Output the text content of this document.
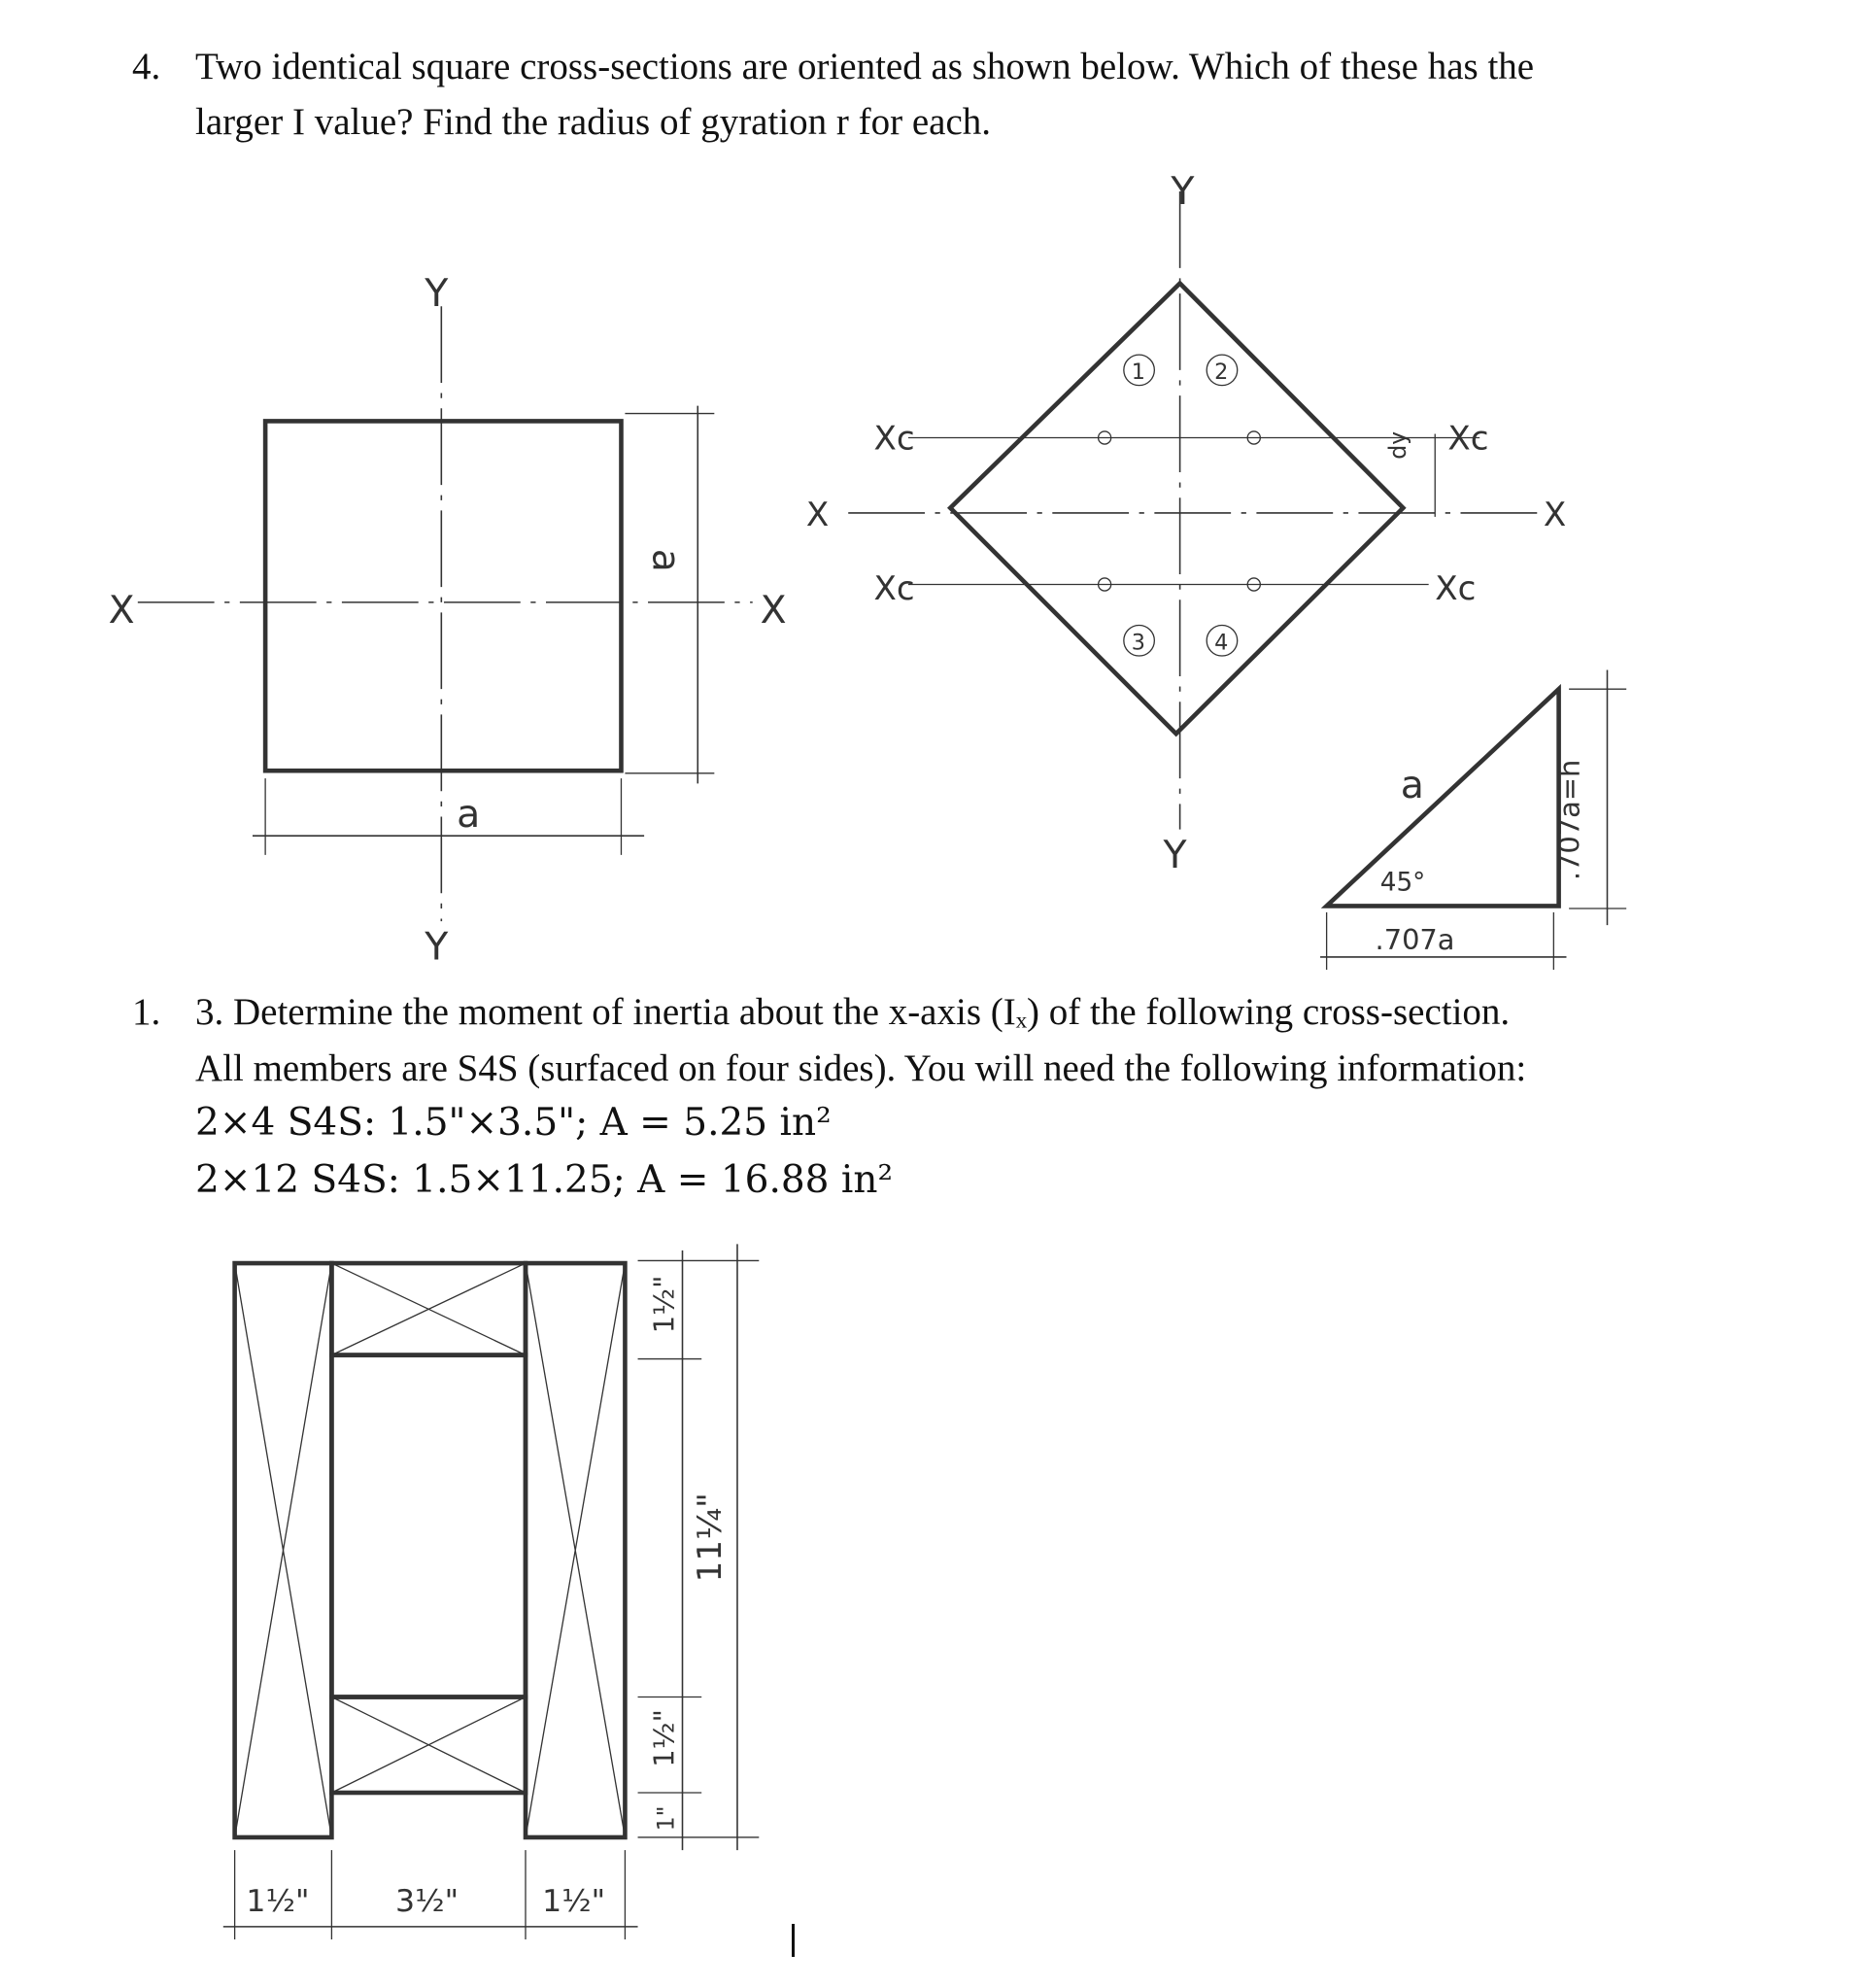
4. Two identical square cross-sections are oriented as shown below. Which of these has the
larger I value? Find the radius of gyration r for each.
1. 3. Determine the moment of inertia about the x-axis (Iₓ) of the following cross-section.
All members are S4S (surfaced on four sides). You will need the following information:
2×4 S4S: 1.5"×3.5"; A = 5.25 in²
2×12 S4S: 1.5×11.25; A = 16.88 in²
X	X
Y
Y
a
a
Y
Y
X	X
Xc
Xc
Xc
Xc
dy
1	2
3	4
a
45°
.707a
.707a=h
1½"	3½"	1½"
1½"
1½"
11¼"
1"
